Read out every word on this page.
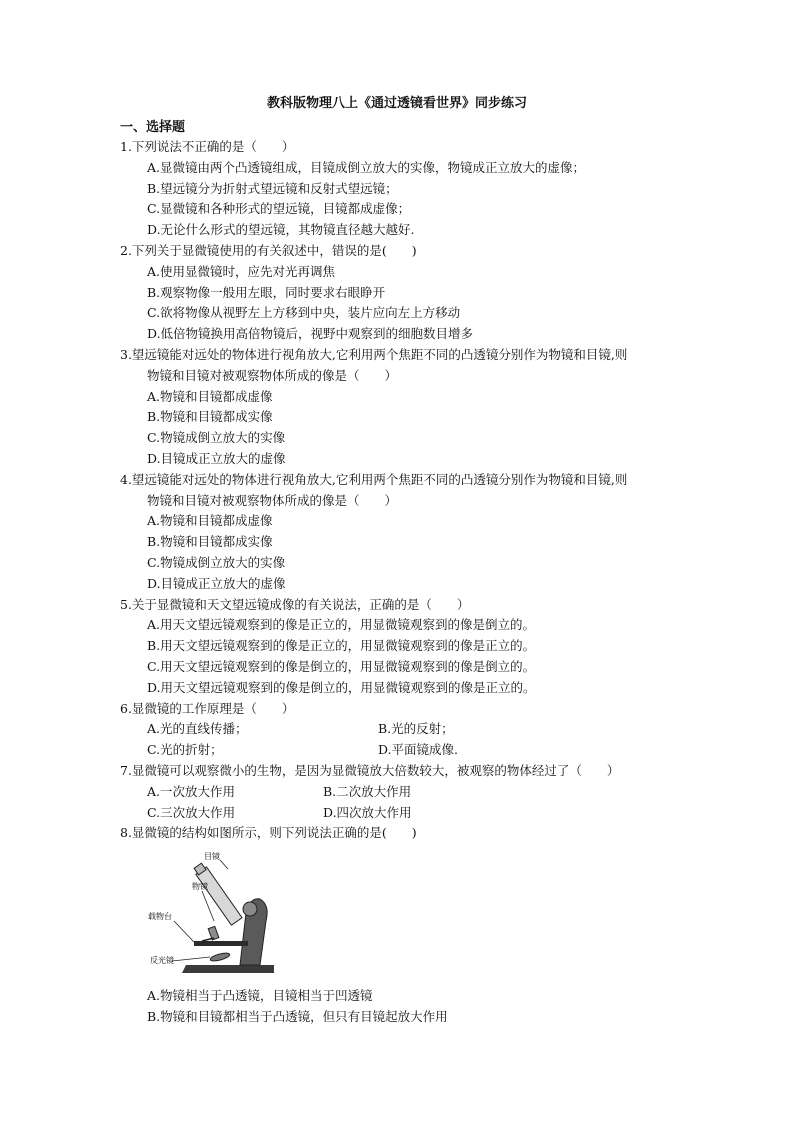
教科版物理八上《通过透镜看世界》同步练习
一、选择题
1.下列说法不正确的是（　　）
A.显微镜由两个凸透镜组成，目镜成倒立放大的实像，物镜成正立放大的虚像；
B.望远镜分为折射式望远镜和反射式望远镜；
C.显微镜和各种形式的望远镜，目镜都成虚像；
D.无论什么形式的望远镜，其物镜直径越大越好.
2.下列关于显微镜使用的有关叙述中，错误的是(　　)
A.使用显微镜时，应先对光再调焦
B.观察物像一般用左眼，同时要求右眼睁开
C.欲将物像从视野左上方移到中央，装片应向左上方移动
D.低倍物镜换用高倍物镜后，视野中观察到的细胞数目增多
3.望远镜能对远处的物体进行视角放大,它利用两个焦距不同的凸透镜分别作为物镜和目镜,则
物镜和目镜对被观察物体所成的像是（　　）
A.物镜和目镜都成虚像
B.物镜和目镜都成实像
C.物镜成倒立放大的实像
D.目镜成正立放大的虚像
4.望远镜能对远处的物体进行视角放大,它利用两个焦距不同的凸透镜分别作为物镜和目镜,则
物镜和目镜对被观察物体所成的像是（　　）
A.物镜和目镜都成虚像
B.物镜和目镜都成实像
C.物镜成倒立放大的实像
D.目镜成正立放大的虚像
5.关于显微镜和天文望远镜成像的有关说法，正确的是（　　）
A.用天文望远镜观察到的像是正立的，用显微镜观察到的像是倒立的。
B.用天文望远镜观察到的像是正立的，用显微镜观察到的像是正立的。
C.用天文望远镜观察到的像是倒立的，用显微镜观察到的像是倒立的。
D.用天文望远镜观察到的像是倒立的，用显微镜观察到的像是正立的。
6.显微镜的工作原理是（　　）
A.光的直线传播；	B.光的反射；
C.光的折射；	D.平面镜成像.
7.显微镜可以观察微小的生物，是因为显微镜放大倍数较大，被观察的物体经过了（　　）
A.一次放大作用	B.二次放大作用
C.三次放大作用	D.四次放大作用
8.显微镜的结构如图所示，则下列说法正确的是(　　)
目镜
物镜
载物台
反光镜
A.物镜相当于凸透镜，目镜相当于凹透镜
B.物镜和目镜都相当于凸透镜，但只有目镜起放大作用
